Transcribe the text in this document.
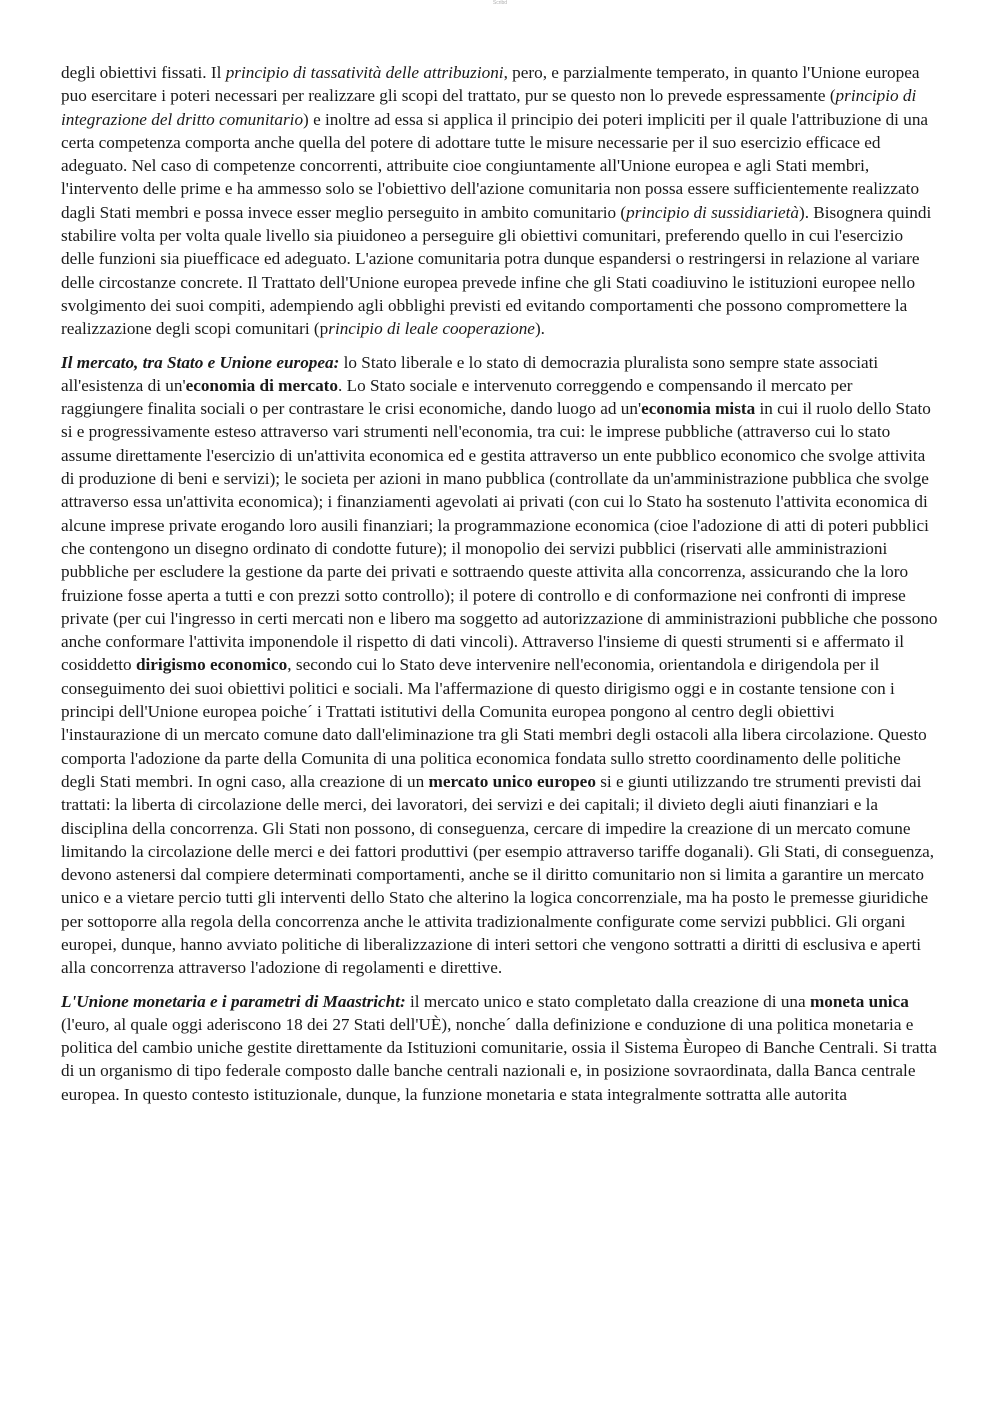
Scribd

degli obiettivi fissati. Il principio di tassatività delle attribuzioni, pero, e parzialmente temperato, in quanto l'Unione europea puo esercitare i poteri necessari per realizzare gli scopi del trattato, pur se questo non lo prevede espressamente (principio di integrazione del dritto comunitario) e inoltre ad essa si applica il principio dei poteri impliciti per il quale l'attribuzione di una certa competenza comporta anche quella del potere di adottare tutte le misure necessarie per il suo esercizio efficace ed adeguato. Nel caso di competenze concorrenti, attribuite cioe congiuntamente all'Unione europea e agli Stati membri, l'intervento delle prime e ha ammesso solo se l'obiettivo dell'azione comunitaria non possa essere sufficientemente realizzato dagli Stati membri e possa invece esser meglio perseguito in ambito comunitario (principio di sussidiarietà). Bisognera quindi stabilire volta per volta quale livello sia piuidoneo a perseguire gli obiettivi comunitari, preferendo quello in cui l'esercizio delle funzioni sia piuefficace ed adeguato. L'azione comunitaria potra dunque espandersi o restringersi in relazione al variare delle circostanze concrete. Il Trattato dell'Unione europea prevede infine che gli Stati coadiuvino le istituzioni europee nello svolgimento dei suoi compiti, adempiendo agli obblighi previsti ed evitando comportamenti che possono compromettere la realizzazione degli scopi comunitari (principio di leale cooperazione).

Il mercato, tra Stato e Unione europea: lo Stato liberale e lo stato di democrazia pluralista sono sempre state associati all'esistenza di un'economia di mercato. Lo Stato sociale e intervenuto correggendo e compensando il mercato per raggiungere finalita sociali o per contrastare le crisi economiche, dando luogo ad un'economia mista in cui il ruolo dello Stato si e progressivamente esteso attraverso vari strumenti nell'economia, tra cui: le imprese pubbliche (attraverso cui lo stato assume direttamente l'esercizio di un'attivita economica ed e gestita attraverso un ente pubblico economico che svolge attivita di produzione di beni e servizi); le societa per azioni in mano pubblica (controllate da un'amministrazione pubblica che svolge attraverso essa un'attivita economica); i finanziamenti agevolati ai privati (con cui lo Stato ha sostenuto l'attivita economica di alcune imprese private erogando loro ausili finanziari; la programmazione economica (cioe l'adozione di atti di poteri pubblici che contengono un disegno ordinato di condotte future); il monopolio dei servizi pubblici (riservati alle amministrazioni pubbliche per escludere la gestione da parte dei privati e sottraendo queste attivita alla concorrenza, assicurando che la loro fruizione fosse aperta a tutti e con prezzi sotto controllo); il potere di controllo e di conformazione nei confronti di imprese private (per cui l'ingresso in certi mercati non e libero ma soggetto ad autorizzazione di amministrazioni pubbliche che possono anche conformare l'attivita imponendole il rispetto di dati vincoli). Attraverso l'insieme di questi strumenti si e affermato il cosiddetto dirigismo economico, secondo cui lo Stato deve intervenire nell'economia, orientandola e dirigendola per il conseguimento dei suoi obiettivi politici e sociali. Ma l'affermazione di questo dirigismo oggi e in costante tensione con i principi dell'Unione europea poiche´ i Trattati istitutivi della Comunita europea pongono al centro degli obiettivi l'instaurazione di un mercato comune dato dall'eliminazione tra gli Stati membri degli ostacoli alla libera circolazione. Questo comporta l'adozione da parte della Comunita di una politica economica fondata sullo stretto coordinamento delle politiche degli Stati membri. In ogni caso, alla creazione di un mercato unico europeo si e giunti utilizzando tre strumenti previsti dai trattati: la liberta di circolazione delle merci, dei lavoratori, dei servizi e dei capitali; il divieto degli aiuti finanziari e la disciplina della concorrenza. Gli Stati non possono, di conseguenza, cercare di impedire la creazione di un mercato comune limitando la circolazione delle merci e dei fattori produttivi (per esempio attraverso tariffe doganali). Gli Stati, di conseguenza, devono astenersi dal compiere determinati comportamenti, anche se il diritto comunitario non si limita a garantire un mercato unico e a vietare percio tutti gli interventi dello Stato che alterino la logica concorrenziale, ma ha posto le premesse giuridiche per sottoporre alla regola della concorrenza anche le attivita tradizionalmente configurate come servizi pubblici. Gli organi europei, dunque, hanno avviato politiche di liberalizzazione di interi settori che vengono sottratti a diritti di esclusiva e aperti alla concorrenza attraverso l'adozione di regolamenti e direttive.

L'Unione monetaria e i parametri di Maastricht: il mercato unico e stato completato dalla creazione di una moneta unica (l'euro, al quale oggi aderiscono 18 dei 27 Stati dell'UÈ), nonche´ dalla definizione e conduzione di una politica monetaria e politica del cambio uniche gestite direttamente da Istituzioni comunitarie, ossia il Sistema Èuropeo di Banche Centrali. Si tratta di un organismo di tipo federale composto dalle banche centrali nazionali e, in posizione sovraordinata, dalla Banca centrale europea. In questo contesto istituzionale, dunque, la funzione monetaria e stata integralmente sottratta alle autorita
